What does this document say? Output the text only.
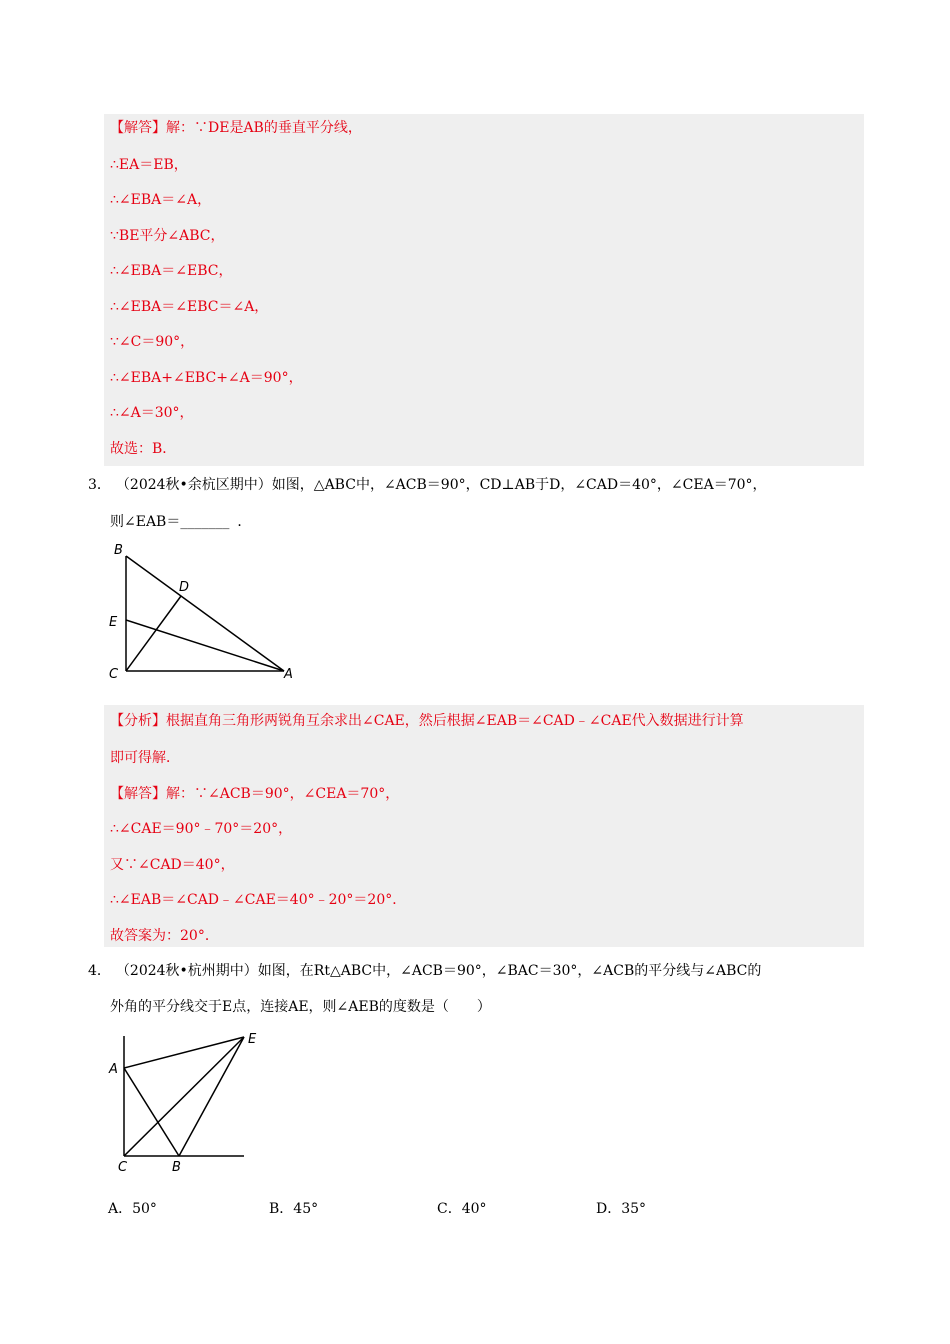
【解答】解：∵DE是AB的垂直平分线，
∴EA＝EB，
∴∠EBA＝∠A，
∵BE平分∠ABC，
∴∠EBA＝∠EBC，
∴∠EBA＝∠EBC＝∠A，
∵∠C＝90°，
∴∠EBA+∠EBC+∠A＝90°，
∴∠A＝30°，
故选：B．
3． （2024秋•余杭区期中）如图，△ABC中，∠ACB＝90°，CD⊥AB于D，∠CAD＝40°，∠CEA＝70°，
则∠EAB＝_______ ．
B
D
E
C	A
【分析】根据直角三角形两锐角互余求出∠CAE，然后根据∠EAB＝∠CAD﹣∠CAE代入数据进行计算
即可得解．
【解答】解：∵∠ACB＝90°，∠CEA＝70°，
∴∠CAE＝90°﹣70°＝20°，
又∵∠CAD＝40°，
∴∠EAB＝∠CAD﹣∠CAE＝40°﹣20°＝20°．
故答案为：20°．
4． （2024秋•杭州期中）如图，在Rt△ABC中，∠ACB＝90°，∠BAC＝30°，∠ACB的平分线与∠ABC的
外角的平分线交于E点，连接AE，则∠AEB的度数是（　　）
A
E
C	B
A．50°	B．45°	C．40°	D．35°
